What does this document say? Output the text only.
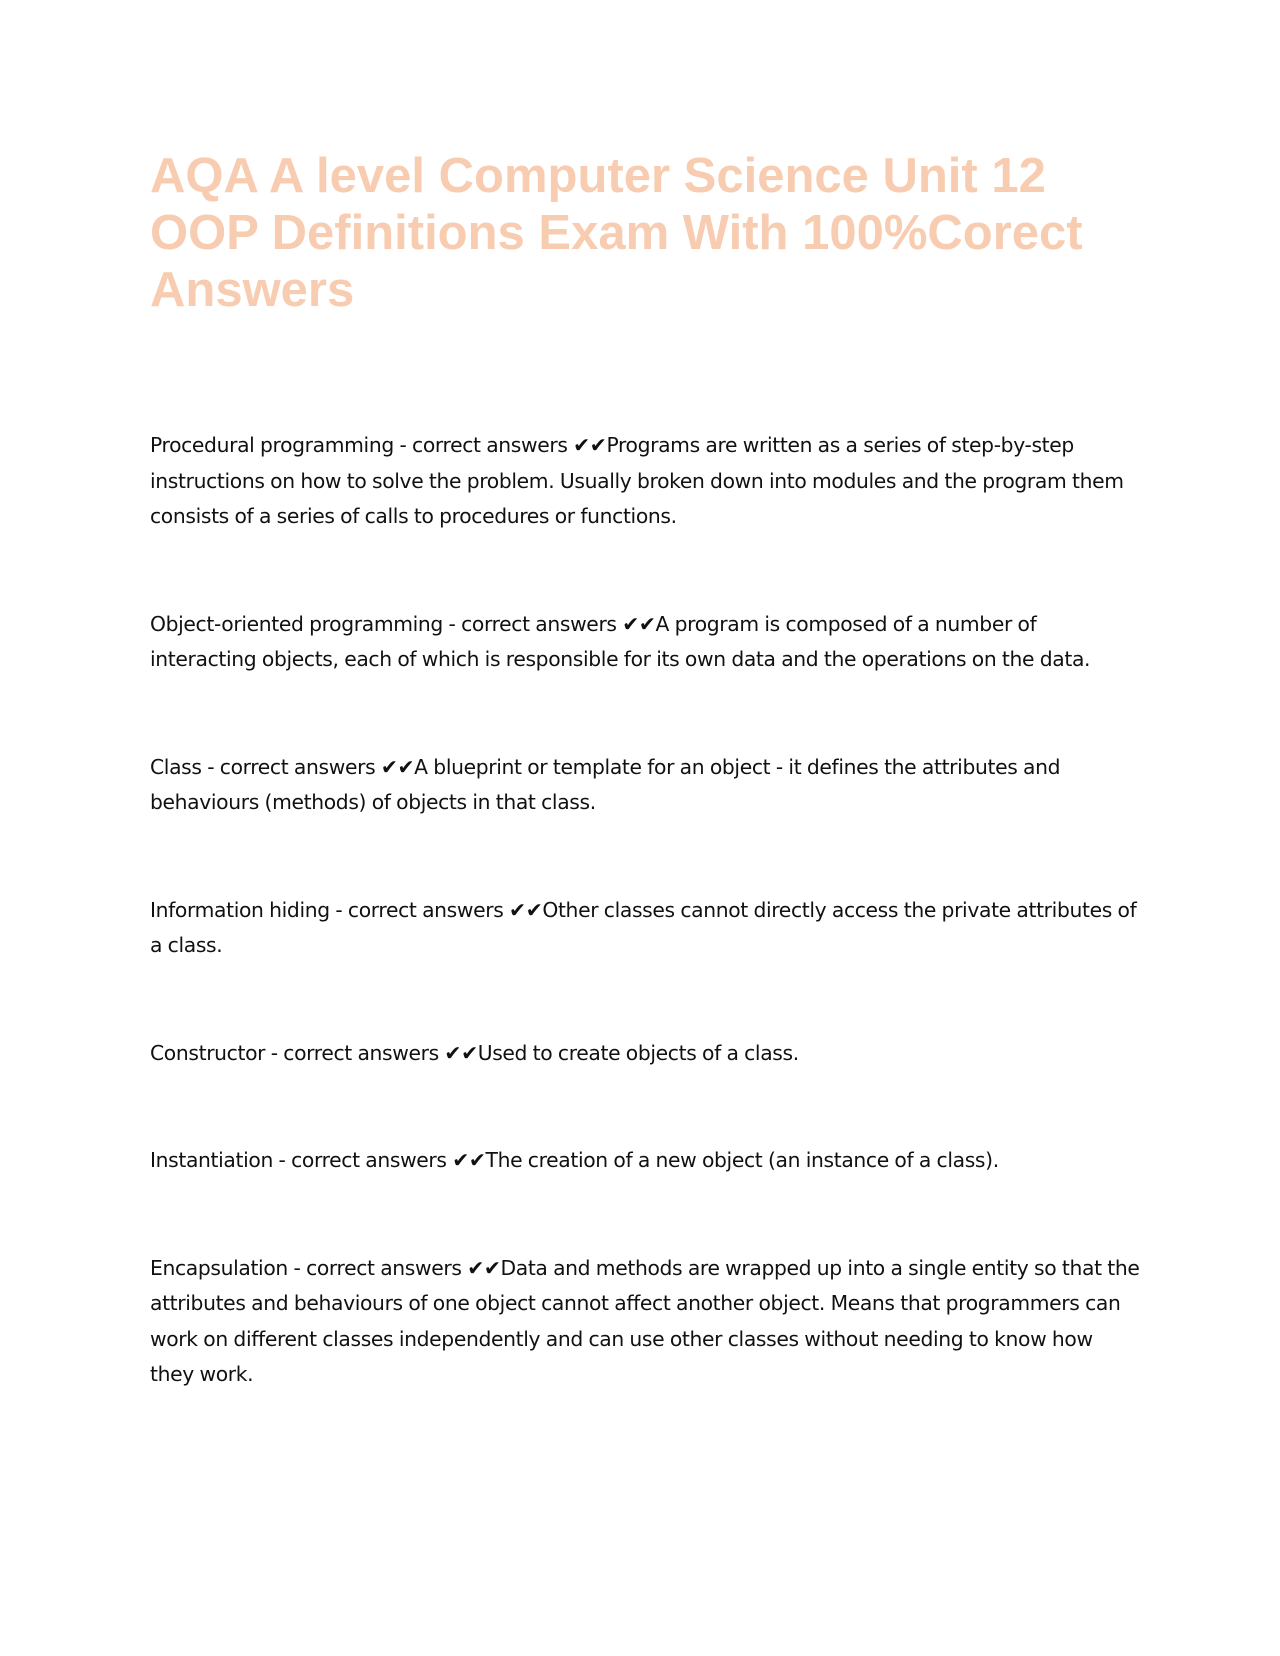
AQA A level Computer Science Unit 12 OOP Definitions Exam With 100%Corect Answers

Procedural programming - correct answers ✔✔Programs are written as a series of step-by-step instructions on how to solve the problem. Usually broken down into modules and the program them consists of a series of calls to procedures or functions.

Object-oriented programming - correct answers ✔✔A program is composed of a number of interacting objects, each of which is responsible for its own data and the operations on the data.

Class - correct answers ✔✔A blueprint or template for an object - it defines the attributes and behaviours (methods) of objects in that class.

Information hiding - correct answers ✔✔Other classes cannot directly access the private attributes of a class.

Constructor - correct answers ✔✔Used to create objects of a class.

Instantiation - correct answers ✔✔The creation of a new object (an instance of a class).

Encapsulation - correct answers ✔✔Data and methods are wrapped up into a single entity so that the attributes and behaviours of one object cannot affect another object. Means that programmers can work on different classes independently and can use other classes without needing to know how they work.
